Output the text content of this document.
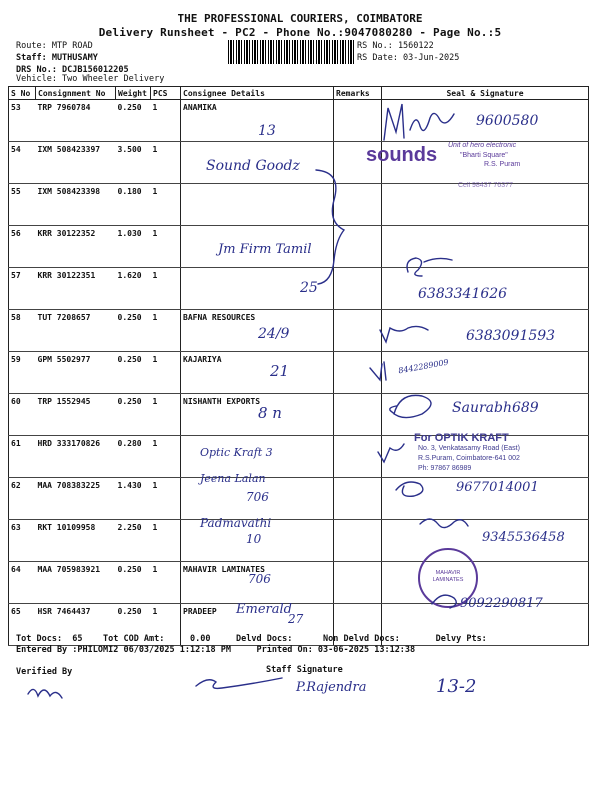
THE PROFESSIONAL COURIERS, COIMBATORE
Delivery Runsheet - PC2 - Phone No.:9047080280 - Page No.:5
Route: MTP ROAD
Staff: MUTHUSAMY
DRS No.: DCJB156012205
RS No.: 1560122
RS Date: 03-Jun-2025
Vehicle: Two Wheeler Delivery
S No	Consignment No	Weight	PCS	Consignee Details	Remarks	Seal & Signature
53	TRP 7960784	0.250	1	ANAMIKA		
54	IXM 508423397	3.500	1			
55	IXM 508423398	0.180	1			
56	KRR 30122352	1.030	1			
57	KRR 30122351	1.620	1			
58	TUT 7208657	0.250	1	BAFNA RESOURCES		
59	GPM 5502977	0.250	1	KAJARIYA		
60	TRP 1552945	0.250	1	NISHANTH EXPORTS		
61	HRD 333170826	0.280	1			
62	MAA 708383225	1.430	1			
63	RKT 10109958	2.250	1			
64	MAA 705983921	0.250	1	MAHAVIR LAMINATES		
65	HSR 7464437	0.250	1	PRADEEP		
sounds Unit of hero electronic
"Bharti Square"
R.S. Puram
Cell 98437 76377
For OPTIK KRAFT
No. 3, Venkatasamy Road (East)
R.S.Puram, Coimbatore-641 002
Ph: 97867 86989
MAHAVIR LAMINATES
13
9600580
Sound Goodz
Jm Firm Tamil
25	6383341626
24/9	6383091593
21	8442289009
8 n	Saurabh689
Optic Kraft 3
Jeena Lalan
706
9677014001
Padmavathi
10	9345536458
706
Emerald
27
9092290817
Tot Docs:  65    Tot COD Amt:     0.00     Delvd Docs:      Non Delvd Docs:       Delvy Pts:
Entered By :PHILOMI2 06/03/2025 1:12:18 PM     Printed On: 03-06-2025 13:12:38
Verified By	Staff Signature
P.Rajendra	13-2
